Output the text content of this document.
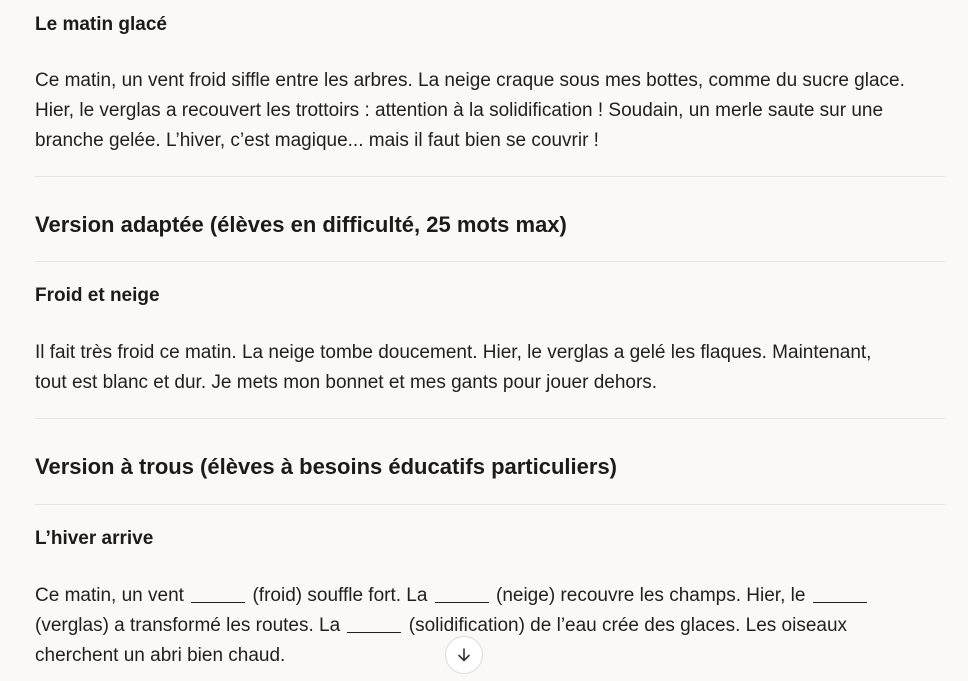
Le matin glacé

Ce matin, un vent froid siffle entre les arbres. La neige craque sous mes bottes, comme du sucre glace. Hier, le verglas a recouvert les trottoirs : attention à la solidification ! Soudain, un merle saute sur une branche gelée. L’hiver, c’est magique... mais il faut bien se couvrir !

Version adaptée (élèves en difficulté, 25 mots max)
Froid et neige

Il fait très froid ce matin. La neige tombe doucement. Hier, le verglas a gelé les flaques. Maintenant, tout est blanc et dur. Je mets mon bonnet et mes gants pour jouer dehors.

Version à trous (élèves à besoins éducatifs particuliers)
L’hiver arrive

Ce matin, un vent	(froid) souffle fort. La	(neige) recouvre les champs. Hier, le  (verglas) a transformé les routes. La	(solidification) de l’eau crée des glaces. Les oiseaux cherchent un abri bien chaud.
